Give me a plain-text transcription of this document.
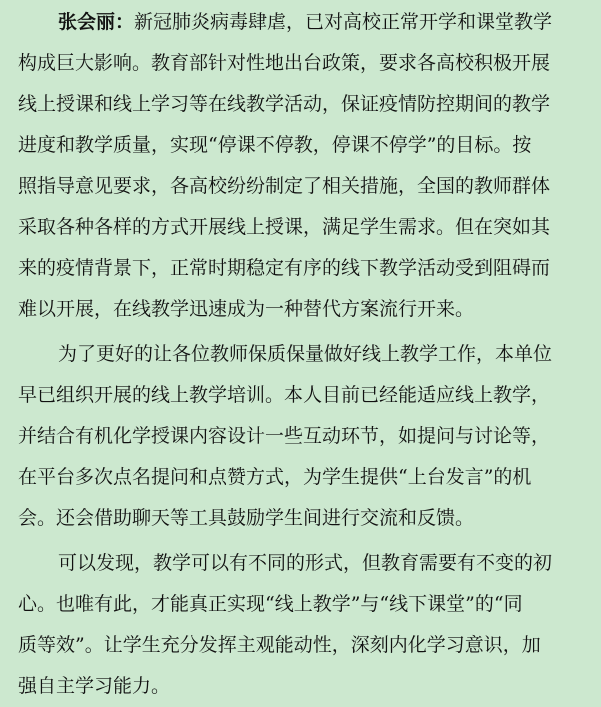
张会丽：新冠肺炎病毒肆虐，已对高校正常开学和课堂教学
构成巨大影响。教育部针对性地出台政策，要求各高校积极开展
线上授课和线上学习等在线教学活动，保证疫情防控期间的教学
进度和教学质量，实现“停课不停教，停课不停学”的目标。按
照指导意见要求，各高校纷纷制定了相关措施，全国的教师群体
采取各种各样的方式开展线上授课，满足学生需求。但在突如其
来的疫情背景下，正常时期稳定有序的线下教学活动受到阻碍而
难以开展，在线教学迅速成为一种替代方案流行开来。
为了更好的让各位教师保质保量做好线上教学工作，本单位
早已组织开展的线上教学培训。本人目前已经能适应线上教学，
并结合有机化学授课内容设计一些互动环节，如提问与讨论等，
在平台多次点名提问和点赞方式，为学生提供“上台发言”的机
会。还会借助聊天等工具鼓励学生间进行交流和反馈。
可以发现，教学可以有不同的形式，但教育需要有不变的初
心。也唯有此，才能真正实现“线上教学”与“线下课堂”的“同
质等效”。让学生充分发挥主观能动性，深刻内化学习意识，加
强自主学习能力。
